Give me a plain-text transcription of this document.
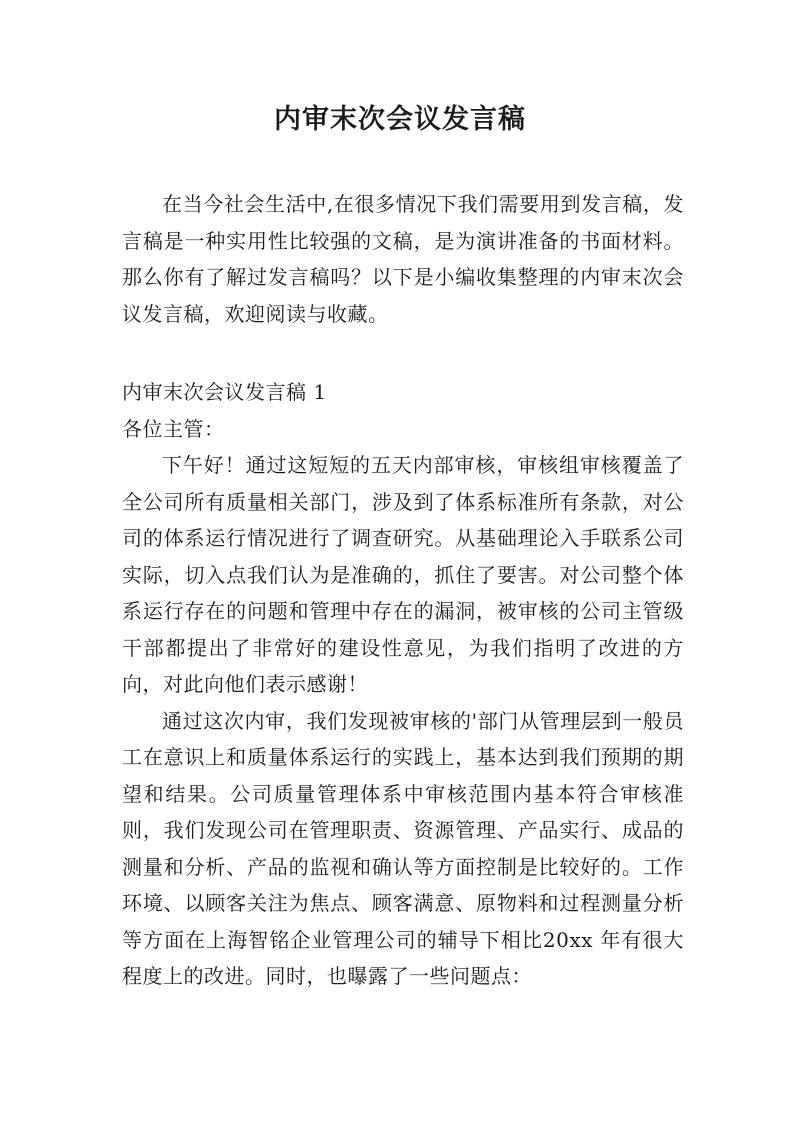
内审末次会议发言稿

在当今社会生活中,在很多情况下我们需要用到发言稿，发言稿是一种实用性比较强的文稿，是为演讲准备的书面材料。那么你有了解过发言稿吗？以下是小编收集整理的内审末次会议发言稿，欢迎阅读与收藏。

内审末次会议发言稿 1

各位主管：

下午好！通过这短短的五天内部审核，审核组审核覆盖了全公司所有质量相关部门，涉及到了体系标准所有条款，对公司的体系运行情况进行了调查研究。从基础理论入手联系公司实际，切入点我们认为是准确的，抓住了要害。对公司整个体系运行存在的问题和管理中存在的漏洞，被审核的公司主管级干部都提出了非常好的建设性意见，为我们指明了改进的方向，对此向他们表示感谢！

通过这次内审，我们发现被审核的'部门从管理层到一般员工在意识上和质量体系运行的实践上，基本达到我们预期的期望和结果。公司质量管理体系中审核范围内基本符合审核准则，我们发现公司在管理职责、资源管理、产品实行、成品的测量和分析、产品的监视和确认等方面控制是比较好的。工作环境、以顾客关注为焦点、顾客满意、原物料和过程测量分析等方面在上海智铭企业管理公司的辅导下相比20xx 年有很大程度上的改进。同时，也曝露了一些问题点：
